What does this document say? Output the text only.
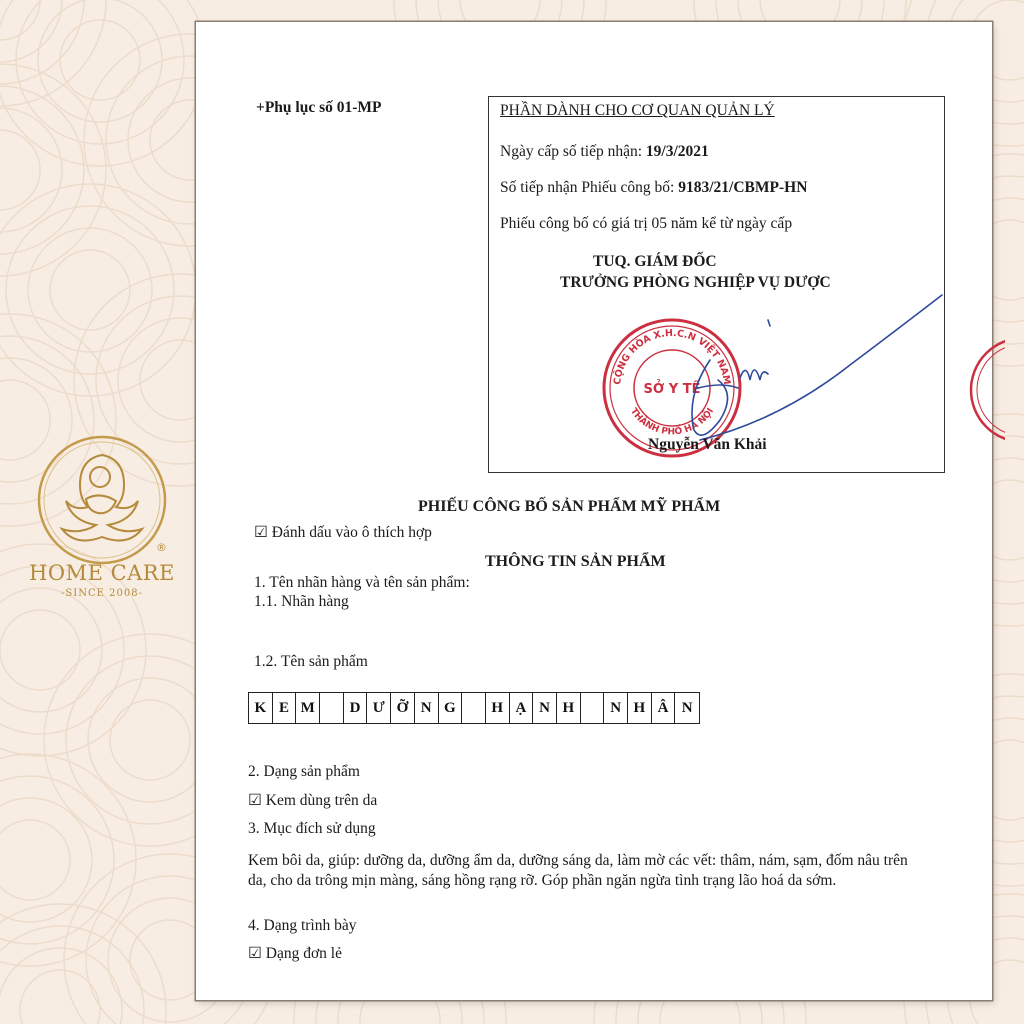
®
HOME CARE
-SINCE 2008-
+Phụ lục số 01-MP	PHẦN DÀNH CHO CƠ QUAN QUẢN LÝ
Ngày cấp số tiếp nhận: 19/3/2021
Số tiếp nhận Phiếu công bố: 9183/21/CBMP-HN
Phiếu công bố có giá trị 05 năm kể từ ngày cấp
TUQ. GIÁM ĐỐC
TRƯỞNG PHÒNG NGHIỆP VỤ DƯỢC
CỘNG HÒA X.H.C.N VIỆT NAM
THÀNH PHỐ HÀ NỘI
SỞ Y TẾ
Nguyễn Văn Khải
PHIẾU CÔNG BỐ SẢN PHẨM MỸ PHẨM
☑ Đánh dấu vào ô thích hợp
THÔNG TIN SẢN PHẨM
1. Tên nhãn hàng và tên sản phẩm:
1.1. Nhãn hàng
1.2. Tên sản phẩm
K E M	D Ư Ỡ N G	H Ạ N H	N H Â N
2. Dạng sản phẩm
☑ Kem dùng trên da
3. Mục đích sử dụng
Kem bôi da, giúp: dưỡng da, dưỡng ẩm da, dưỡng sáng da, làm mờ các vết: thâm, nám, sạm, đốm nâu trên da, cho da trông mịn màng, sáng hồng rạng rỡ. Góp phần ngăn ngừa tình trạng lão hoá da sớm.
4. Dạng trình bày
☑ Dạng đơn lẻ
